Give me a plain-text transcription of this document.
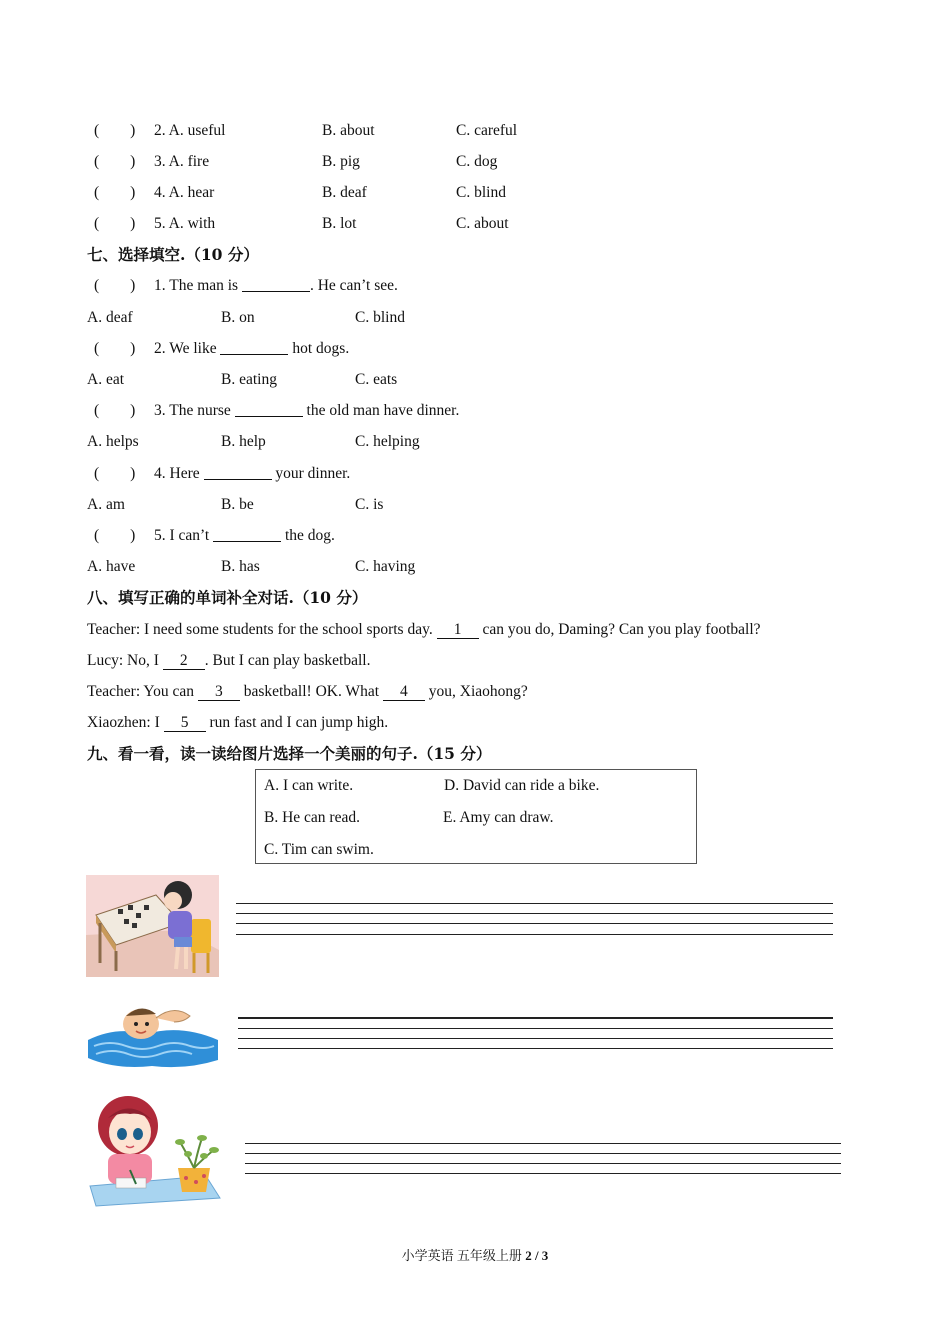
(        ) 2. A. useful	B. about	C. careful
(        ) 3. A. fire	B. pig	C. dog
(        ) 4. A. hear	B. deaf	C. blind
(        ) 5. A. with	B. lot	C. about
七、选择填空.（10 分）
(        ) 1. The man is	. He can’t see.
A. deaf	B. on	C. blind
(        ) 2. We like	hot dogs.
A. eat	B. eating	C. eats
(        ) 3. The nurse	the old man have dinner.
A. helps	B. help	C. helping
(        ) 4. Here	your dinner.
A. am	B. be	C. is
(        ) 5. I can’t	the dog.
A. have	B. has	C. having
八、填写正确的单词补全对话.（10 分）
Teacher: I need some students for the school sports day. 1 can you do, Daming? Can you play football?
Lucy: No, I 2 . But I can play basketball.
Teacher: You can 3 basketball! OK. What 4 you, Xiaohong?
Xiaozhen: I 5 run fast and I can jump high.
九、看一看，读一读给图片选择一个美丽的句子.（15 分）
A. I can write.	D. David can ride a bike.
B. He can read.	E. Amy can draw.
C. Tim can swim.
小学英语 五年级上册 2 / 3
